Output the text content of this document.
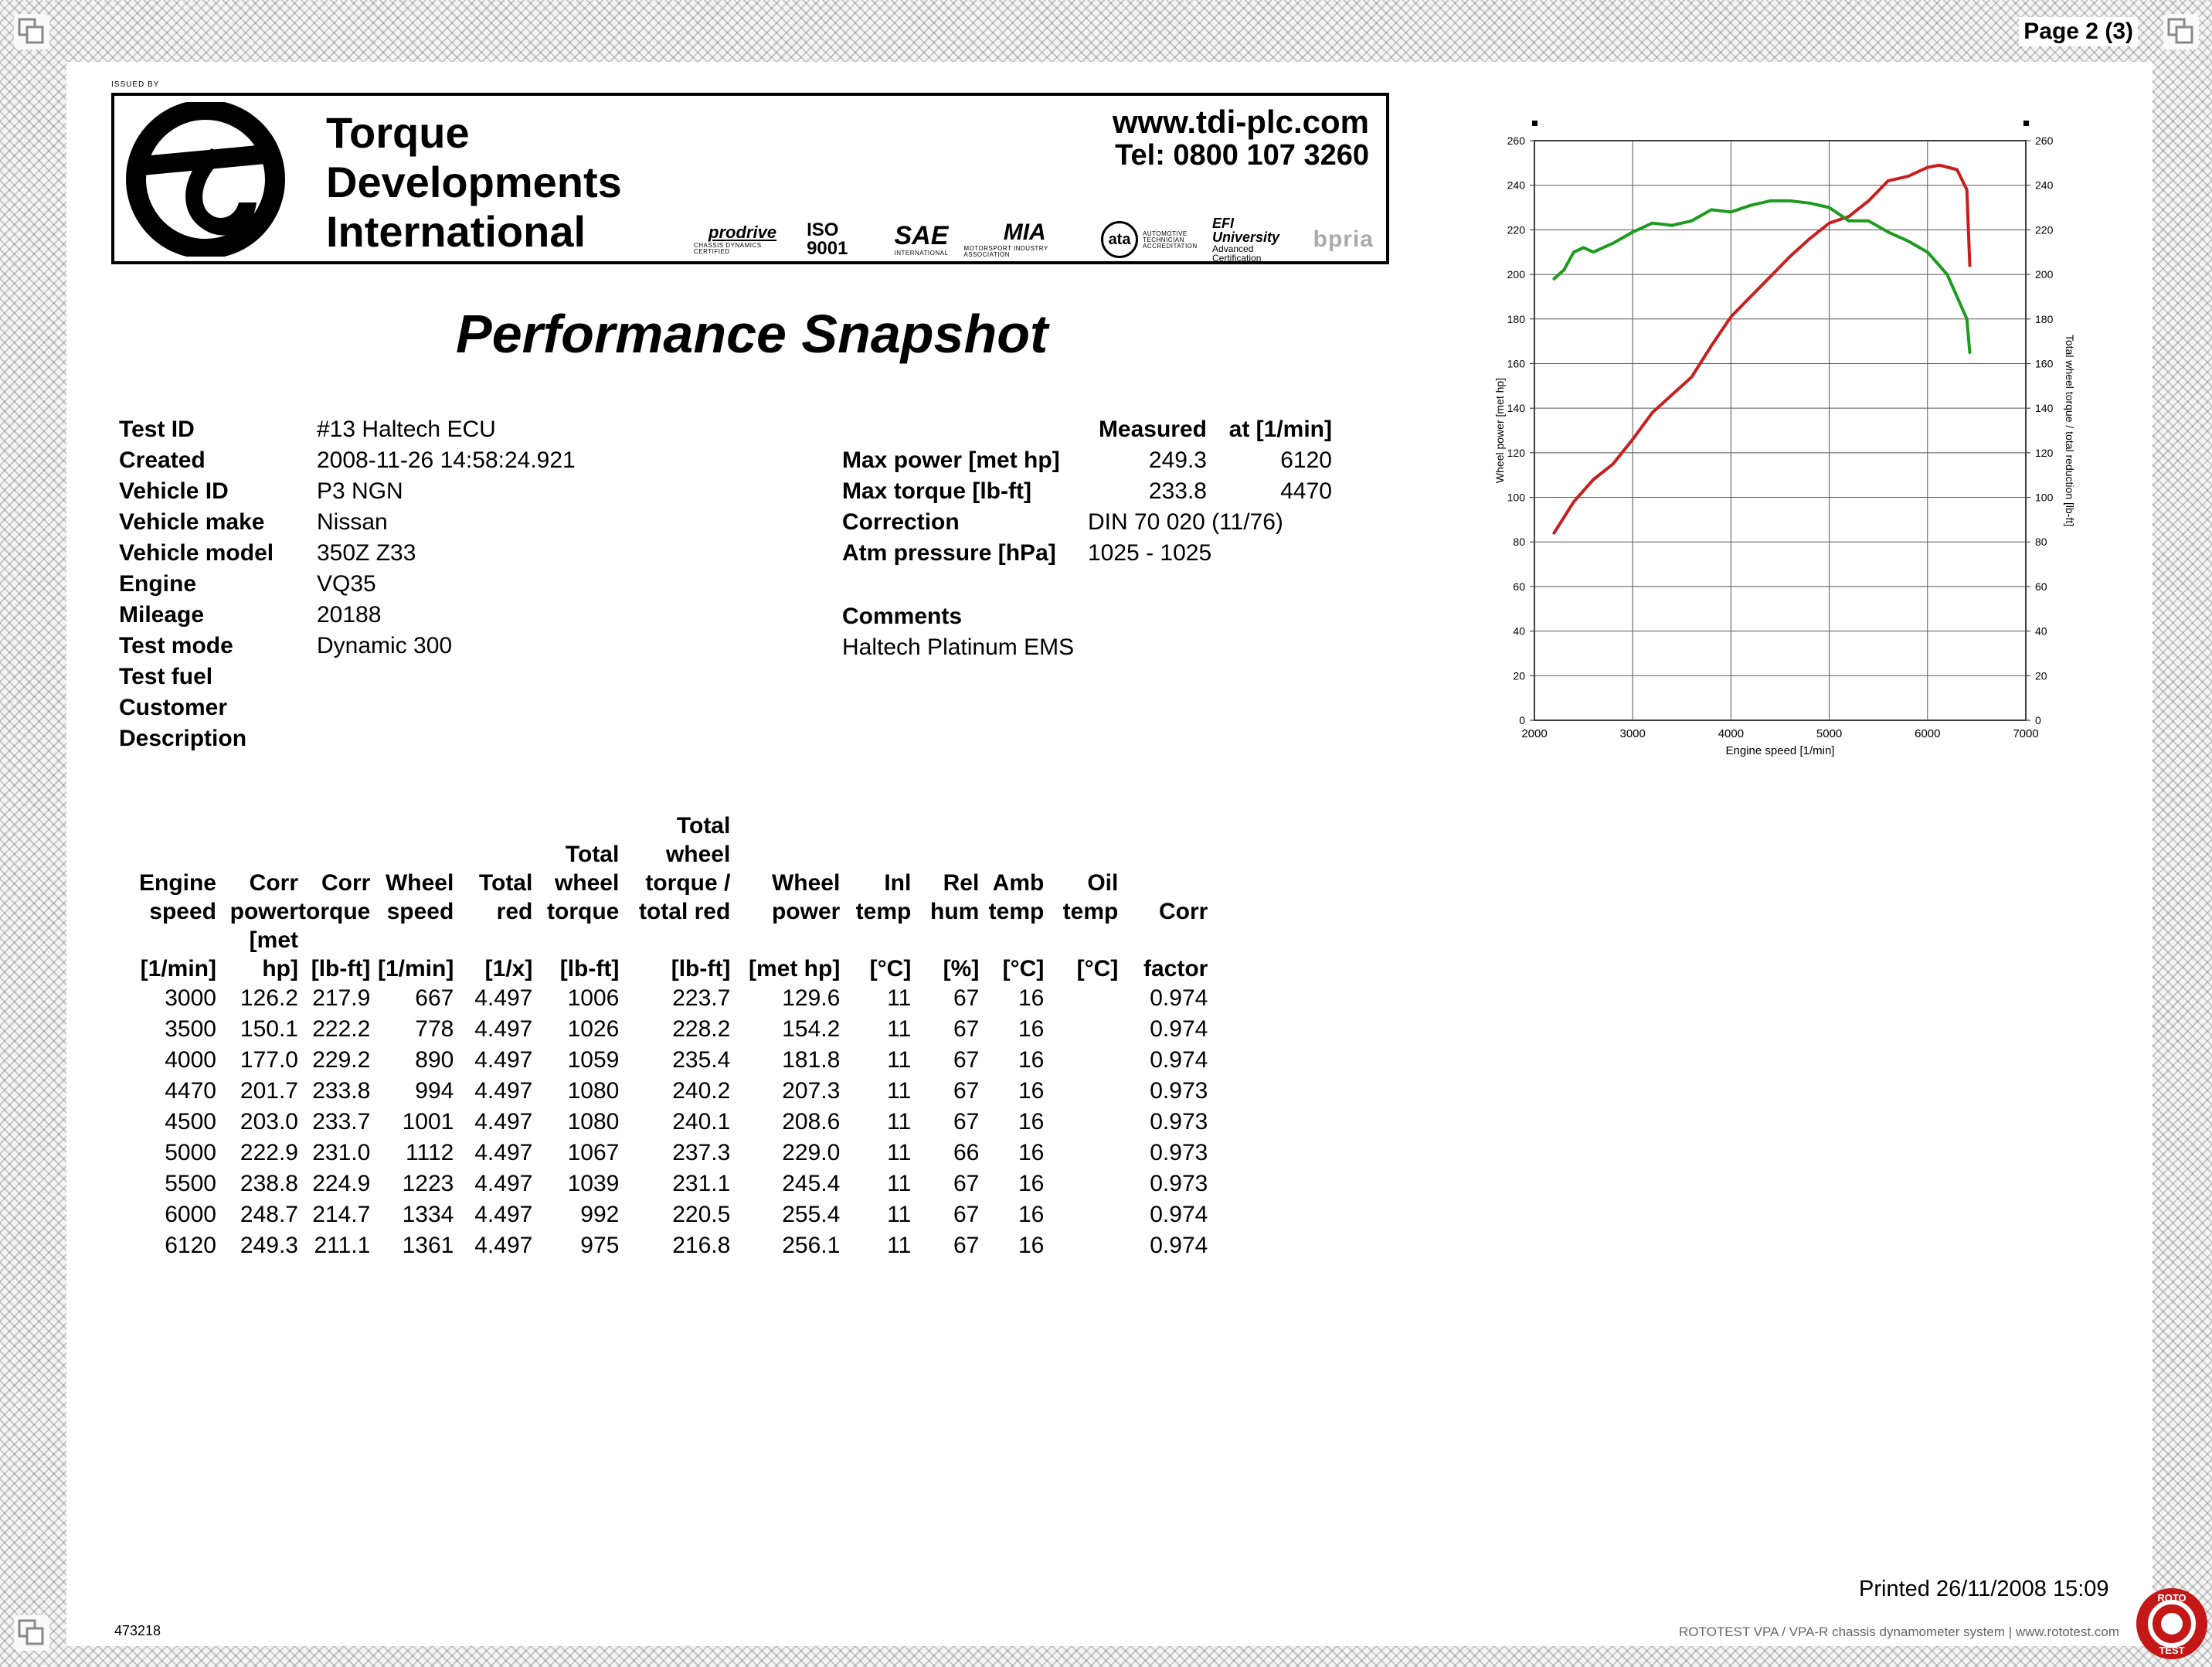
Page 2 (3)
ISSUED BY
Torque
Developments
International
www.tdi-plc.com
Tel: 0800 107 3260
prodrive
CHASSIS DYNAMICS CERTIFIED
ISO 9001	SAE
INTERNATIONAL
MIA
MOTORSPORT INDUSTRY ASSOCIATION
ata	AUTOMOTIVE TECHNICIAN ACCREDITATION
EFI University
Advanced Certification
bpria
Performance Snapshot
Test ID	#13 Haltech ECU
Created	2008-11-26 14:58:24.921
Vehicle ID	P3 NGN
Vehicle make	Nissan
Vehicle model	350Z Z33
Engine	VQ35
Mileage	20188
Test mode	Dynamic 300
Test fuel
Customer
Description
Measured at [1/min]
Max power [met hp]	249.3	6120
Max torque [lb-ft]	233.8	4470
Correction	DIN 70 020 (11/76)
Atm pressure [hPa]	1025 - 1025
Comments
Haltech Platinum EMS
0	0
20	20
40	40
60	60
80	80
100	100
120	120
140	140
160	160
180	180
200	200
220	220
240	240
260	260
2000	3000	4000	5000	6000	7000
Engine speed [1/min]
Wheel power [met hp]	Total wheel torque / total reduction [lb-ft]
						Total						
					Total	wheel						
Engine	Corr	Corr	Wheel	Total	wheel	torque /	Wheel	Inl	Rel	Amb	Oil	
speed	power	torque	speed	red	torque	total red	power	temp	hum	temp	temp	Corr
[1/min]	[met hp]	[lb-ft]	[1/min]	[1/x]	[lb-ft]	[lb-ft]	[met hp]	[°C]	[%]	[°C]	[°C]	factor
3000	126.2	217.9	667	4.497	1006	223.7	129.6	11	67	16		0.974
3500	150.1	222.2	778	4.497	1026	228.2	154.2	11	67	16		0.974
4000	177.0	229.2	890	4.497	1059	235.4	181.8	11	67	16		0.974
4470	201.7	233.8	994	4.497	1080	240.2	207.3	11	67	16		0.973
4500	203.0	233.7	1001	4.497	1080	240.1	208.6	11	67	16		0.973
5000	222.9	231.0	1112	4.497	1067	237.3	229.0	11	66	16		0.973
5500	238.8	224.9	1223	4.497	1039	231.1	245.4	11	67	16		0.973
6000	248.7	214.7	1334	4.497	992	220.5	255.4	11	67	16		0.974
6120	249.3	211.1	1361	4.497	975	216.8	256.1	11	67	16		0.974
Printed 26/11/2008 15:09
473218	ROTOTEST VPA / VPA-R chassis dynamometer system | www.rototest.com
ROTO
TEST
